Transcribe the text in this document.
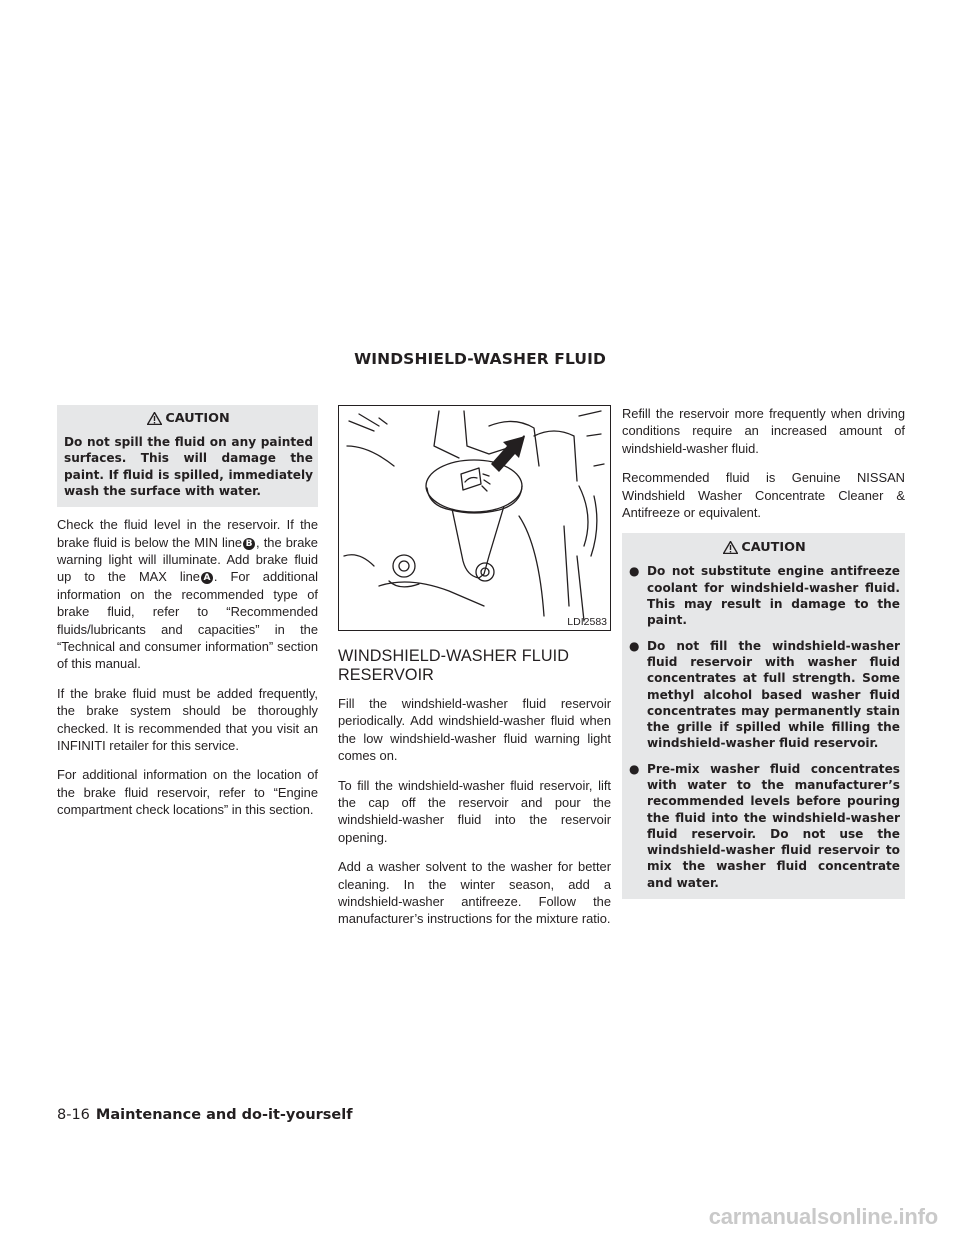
WINDSHIELD-WASHER FLUID
CAUTION

Do not spill the fluid on any painted surfaces. This will damage the paint. If fluid is spilled, immediately wash the surface with water.

Check the fluid level in the reservoir. If the brake fluid is below the MIN line B , the brake warning light will illuminate. Add brake fluid up to the MAX line A . For additional information on the recommended type of brake fluid, refer to “Recommended fluids/lubricants and capacities” in the “Technical and consumer information” section of this manual.

If the brake fluid must be added frequently, the brake system should be thoroughly checked. It is recommended that you visit an INFINITI retailer for this service.

For additional information on the location of the brake fluid reservoir, refer to “Engine compartment check locations” in this section.

LDI2583
WINDSHIELD-WASHER FLUID RESERVOIR

Fill the windshield-washer fluid reservoir periodically. Add windshield-washer fluid when the low windshield-washer fluid warning light comes on.

To fill the windshield-washer fluid reservoir, lift the cap off the reservoir and pour the windshield-washer fluid into the reservoir opening.

Add a washer solvent to the washer for better cleaning. In the winter season, add a windshield-washer antifreeze. Follow the manufacturer’s instructions for the mixture ratio.

Refill the reservoir more frequently when driving conditions require an increased amount of windshield-washer fluid.

Recommended fluid is Genuine NISSAN Windshield Washer Concentrate Cleaner & Antifreeze or equivalent.

CAUTION
● Do not substitute engine antifreeze coolant for windshield-washer fluid. This may result in damage to the paint.
● Do not fill the windshield-washer fluid reservoir with washer fluid concentrates at full strength. Some methyl alcohol based washer fluid concentrates may permanently stain the grille if spilled while filling the windshield-washer fluid reservoir.
● Pre-mix washer fluid concentrates with water to the manufacturer’s recommended levels before pouring the fluid into the windshield-washer fluid reservoir. Do not use the windshield-washer fluid reservoir to mix the washer fluid concentrate and water.
8-16 Maintenance and do-it-yourself
carmanualsonline.info
